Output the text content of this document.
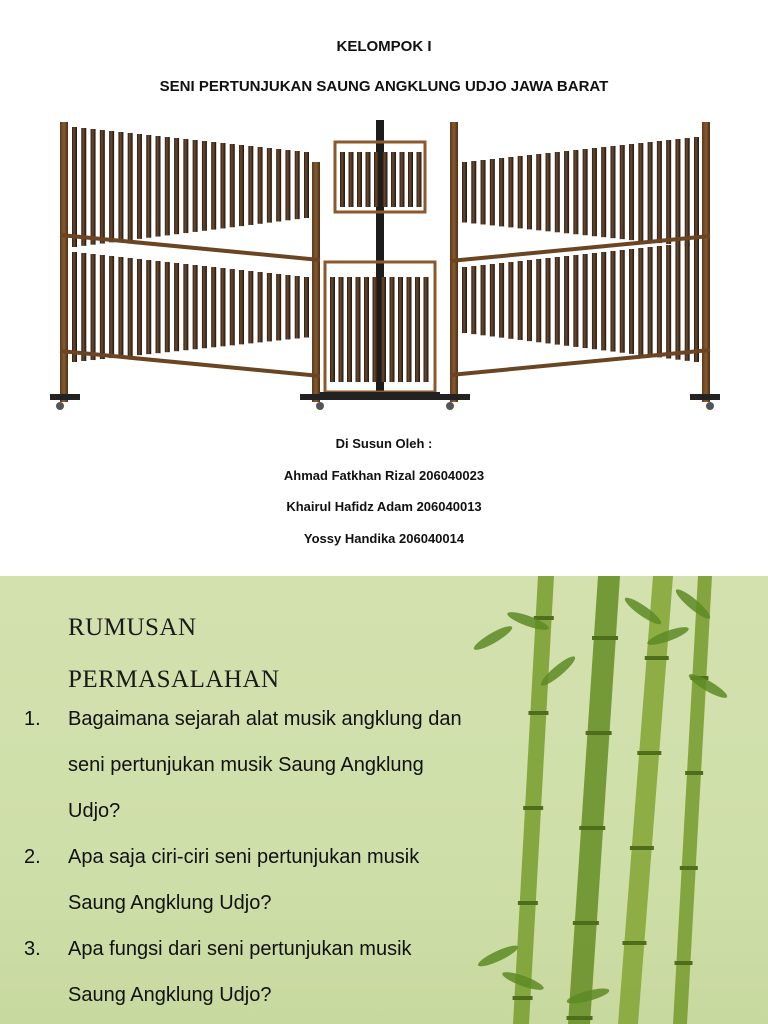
KELOMPOK I
SENI PERTUNJUKAN SAUNG ANGKLUNG UDJO JAWA BARAT
Di Susun Oleh :
Ahmad Fatkhan Rizal 206040023
Khairul Hafidz Adam 206040013
Yossy Handika 206040014
RUMUSAN
PERMASALAHAN
1. Bagaimana sejarah alat musik angklung dan
seni pertunjukan musik Saung Angklung
Udjo?
2. Apa saja ciri-ciri seni pertunjukan musik
Saung Angklung Udjo?
3. Apa fungsi dari seni pertunjukan musik
Saung Angklung Udjo?
